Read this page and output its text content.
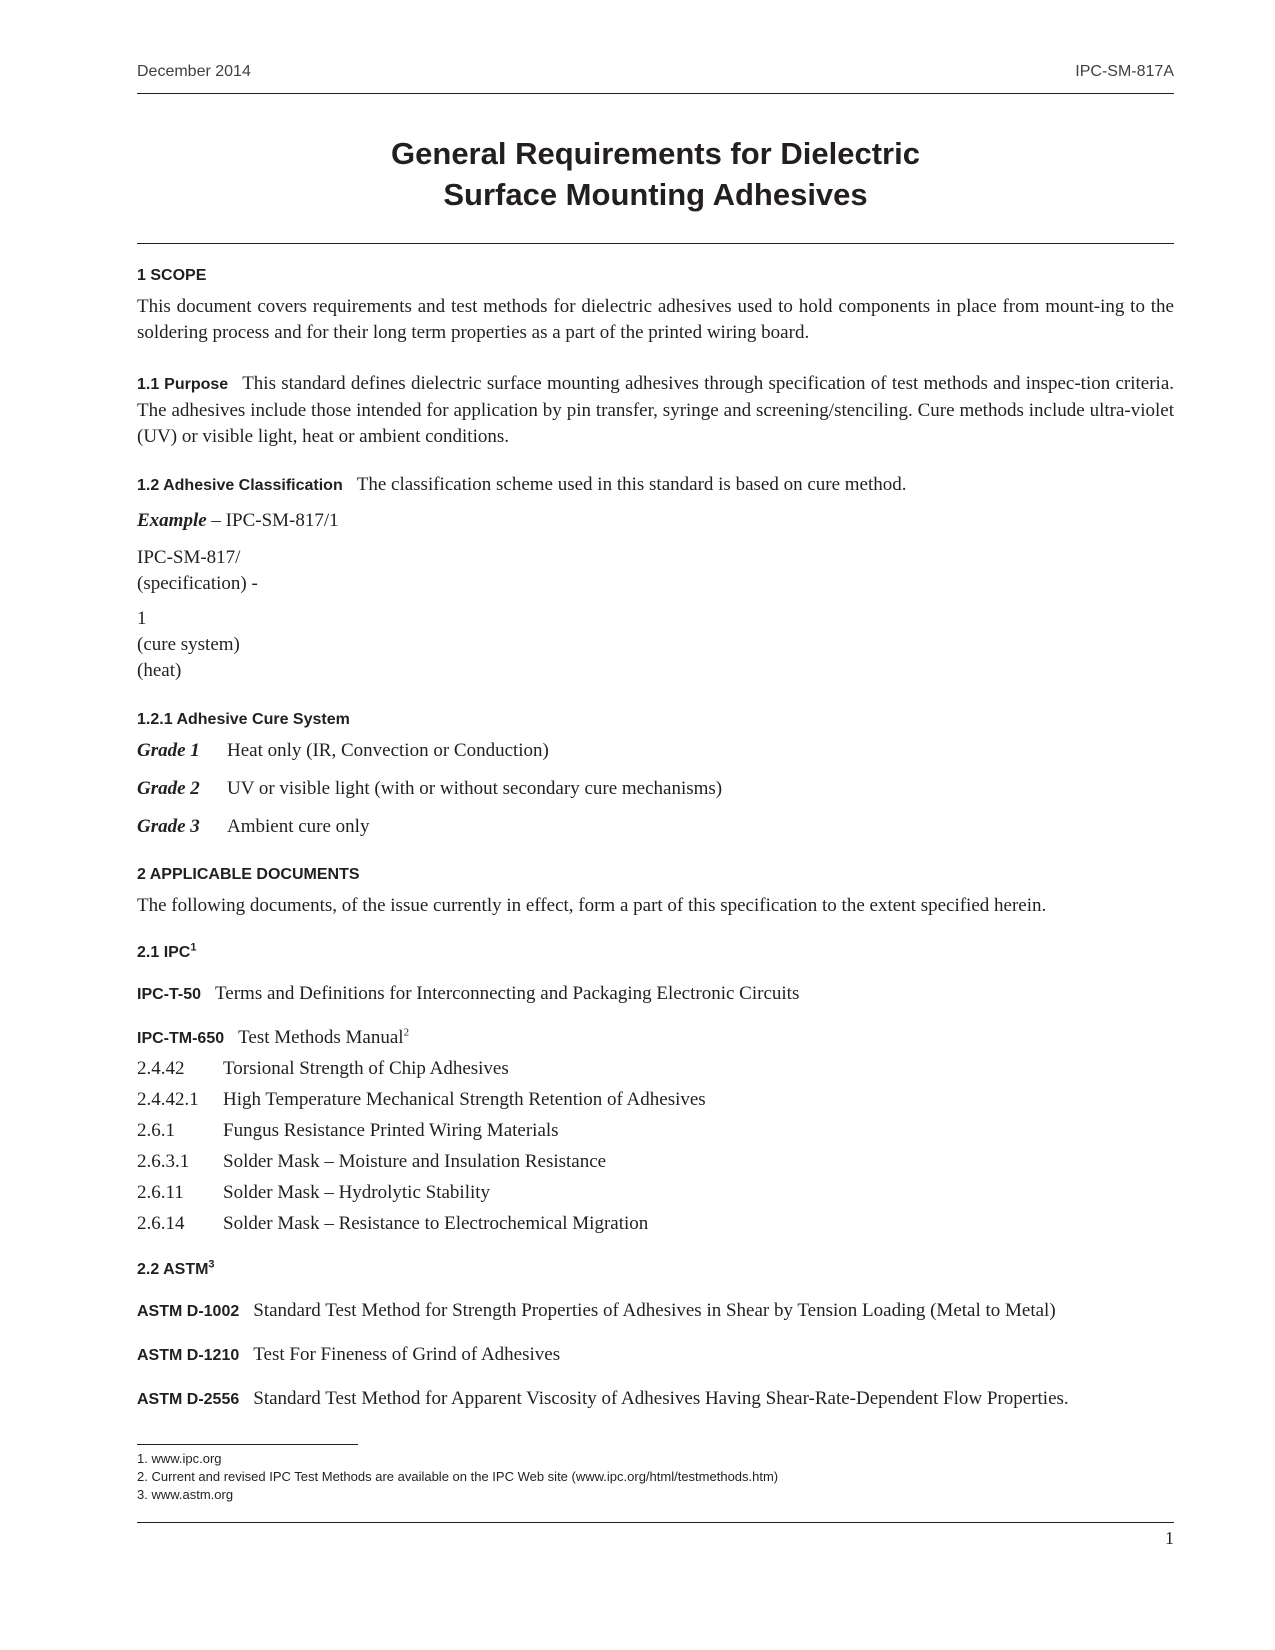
December 2014	IPC-SM-817A
General Requirements for Dielectric
Surface Mounting Adhesives
1 SCOPE
This document covers requirements and test methods for dielectric adhesives used to hold components in place from mount-ing to the soldering process and for their long term properties as a part of the printed wiring board.
1.1 Purpose This standard defines dielectric surface mounting adhesives through specification of test methods and inspec-tion criteria. The adhesives include those intended for application by pin transfer, syringe and screening/stenciling. Cure methods include ultra-violet (UV) or visible light, heat or ambient conditions.
1.2 Adhesive Classification The classification scheme used in this standard is based on cure method.
Example – IPC-SM-817/1
IPC-SM-817/
(specification) -
1
(cure system)
(heat)
1.2.1 Adhesive Cure System
Grade 1 Heat only (IR, Convection or Conduction)
Grade 2 UV or visible light (with or without secondary cure mechanisms)
Grade 3 Ambient cure only
2 APPLICABLE DOCUMENTS
The following documents, of the issue currently in effect, form a part of this specification to the extent specified herein.
2.1 IPC$^1$
IPC-T-50 Terms and Definitions for Interconnecting and Packaging Electronic Circuits
IPC-TM-650 Test Methods Manual$^2$
2.4.42 Torsional Strength of Chip Adhesives
2.4.42.1 High Temperature Mechanical Strength Retention of Adhesives
2.6.1	Fungus Resistance Printed Wiring Materials
2.6.3.1 Solder Mask – Moisture and Insulation Resistance
2.6.11 Solder Mask – Hydrolytic Stability
2.6.14 Solder Mask – Resistance to Electrochemical Migration
2.2 ASTM$^3$
ASTM D-1002 Standard Test Method for Strength Properties of Adhesives in Shear by Tension Loading (Metal to Metal)
ASTM D-1210 Test For Fineness of Grind of Adhesives
ASTM D-2556 Standard Test Method for Apparent Viscosity of Adhesives Having Shear-Rate-Dependent Flow Properties.
1. www.ipc.org
2. Current and revised IPC Test Methods are available on the IPC Web site (www.ipc.org/html/testmethods.htm)
3. www.astm.org
1
